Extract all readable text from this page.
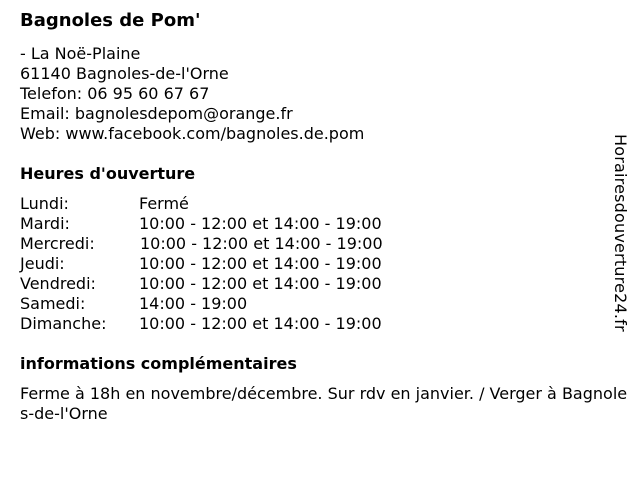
Bagnoles de Pom'
- La Noë-Plaine
61140 Bagnoles-de-l'Orne
Telefon: 06 95 60 67 67
Email: bagnolesdepom@orange.fr
Web: www.facebook.com/bagnoles.de.pom
Heures d'ouverture
Lundi:	Fermé
Mardi:	10:00 - 12:00 et 14:00 - 19:00
Mercredi:	10:00 - 12:00 et 14:00 - 19:00
Jeudi:	10:00 - 12:00 et 14:00 - 19:00
Vendredi:	10:00 - 12:00 et 14:00 - 19:00
Samedi:	14:00 - 19:00
Dimanche: 10:00 - 12:00 et 14:00 - 19:00
informations complémentaires
Ferme à 18h en novembre/décembre. Sur rdv en janvier. / Verger à Bagnoles-de-l'Orne
Horairesdouverture24.fr
